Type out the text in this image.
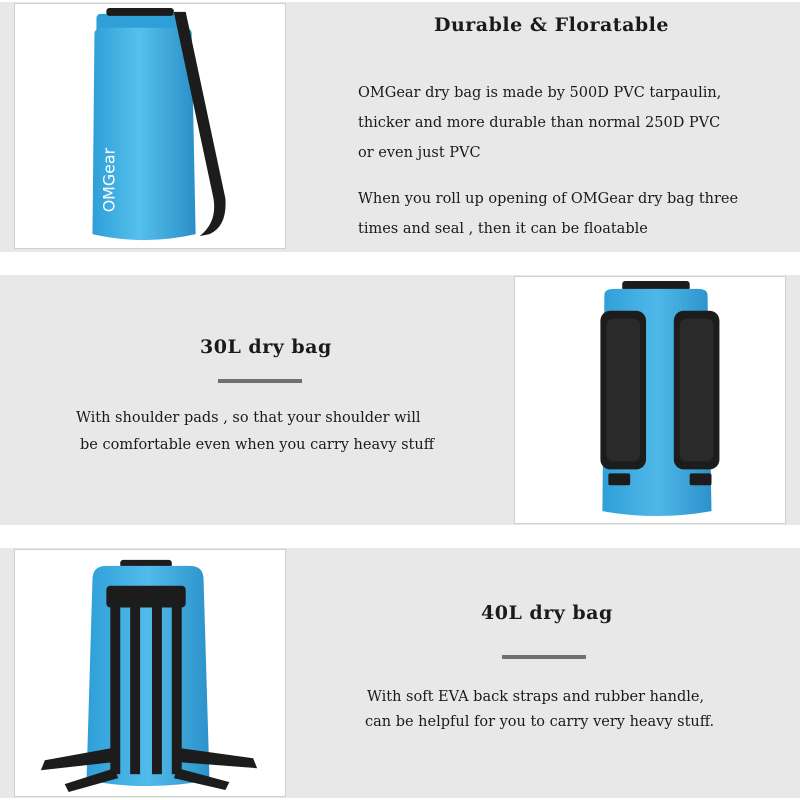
OMGear
Durable & Floratable
OMGear dry bag is made by 500D PVC tarpaulin,
thicker and more durable than normal 250D PVC
or even just PVC
When you roll up opening of OMGear dry bag three
times and seal , then it can be floatable
30L dry bag
With shoulder pads , so that your shoulder will
be comfortable even when you carry heavy stuff
40L dry bag
With soft EVA back straps and rubber handle,
can be helpful for you to carry very heavy stuff.
